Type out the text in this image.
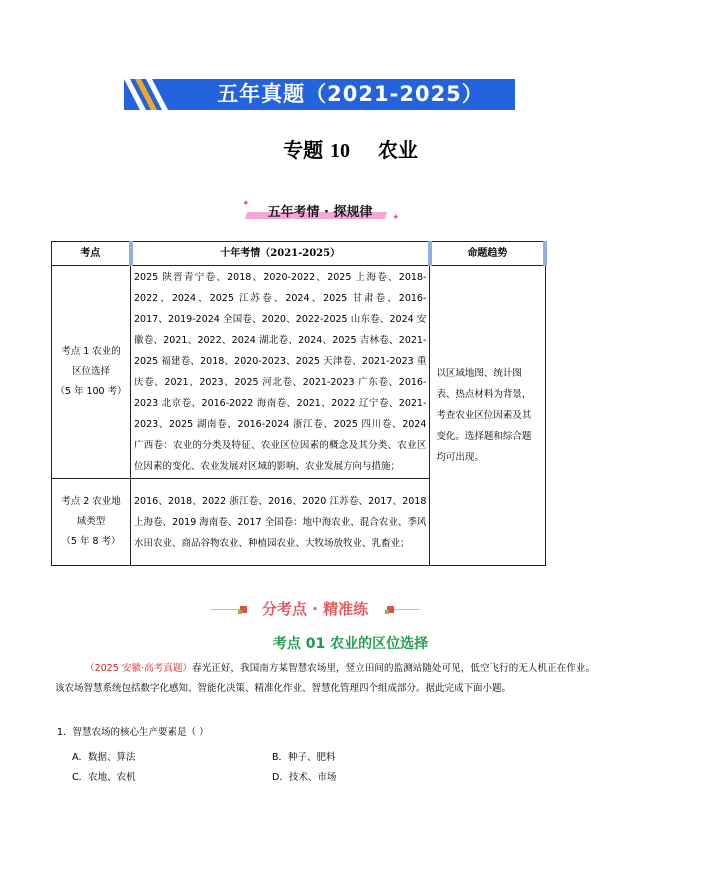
五年真题（2021-2025）
专题 10 农业
✦
✦
五年考情 · 探规律
考点	十年考情（2021-2025）	命题趋势

考点 1 农业的
区位选择
（5 年 100 考）
	2025 陕晋青宁卷、2018、2020-2022、2025 上海卷、2018-2022、2024、2025 江苏卷、2024、2025 甘肃卷、2016-2017、2019-2024 全国卷、2020、2022-2025 山东卷、2024 安徽卷、2021、2022、2024 湖北卷、2024、2025 吉林卷、2021-2025 福建卷、2018、2020-2023、2025 天津卷、2021-2023 重庆卷、2021、2023、2025 河北卷、2021-2023 广东卷、2016-2023 北京卷、2016-2022 海南卷、2021、2022 辽宁卷、2021-2023、2025 湖南卷、2016-2024 浙江卷、2025 四川卷、2024 广西卷：农业的分类及特征、农业区位因素的概念及其分类、农业区位因素的变化、农业发展对区域的影响、农业发展方向与措施；	以区域地图、统计图表、热点材料为背景，考查农业区位因素及其变化。选择题和综合题均可出现。

考点 2 农业地
域类型
（5 年 8 考）	2016、2018、2022 浙江卷、2016、2020 江苏卷、2017、2018 上海卷、2019 海南卷、2017 全国卷：地中海农业、混合农业、季风水田农业、商品谷物农业、种植园农业、大牧场放牧业、乳畜业；	
分考点 · 精准练
考点 01 农业的区位选择
（2025 安徽·高考真题）春光正好，我国南方某智慧农场里，竖立田间的监测站随处可见，低空飞行的无人机正在作业。该农场智慧系统包括数字化感知、智能化决策、精准化作业、智慧化管理四个组成部分。据此完成下面小题。
1．智慧农场的核心生产要素是（ ）
A．数据、算法	B．种子、肥料
C．农地、农机	D．技术、市场
